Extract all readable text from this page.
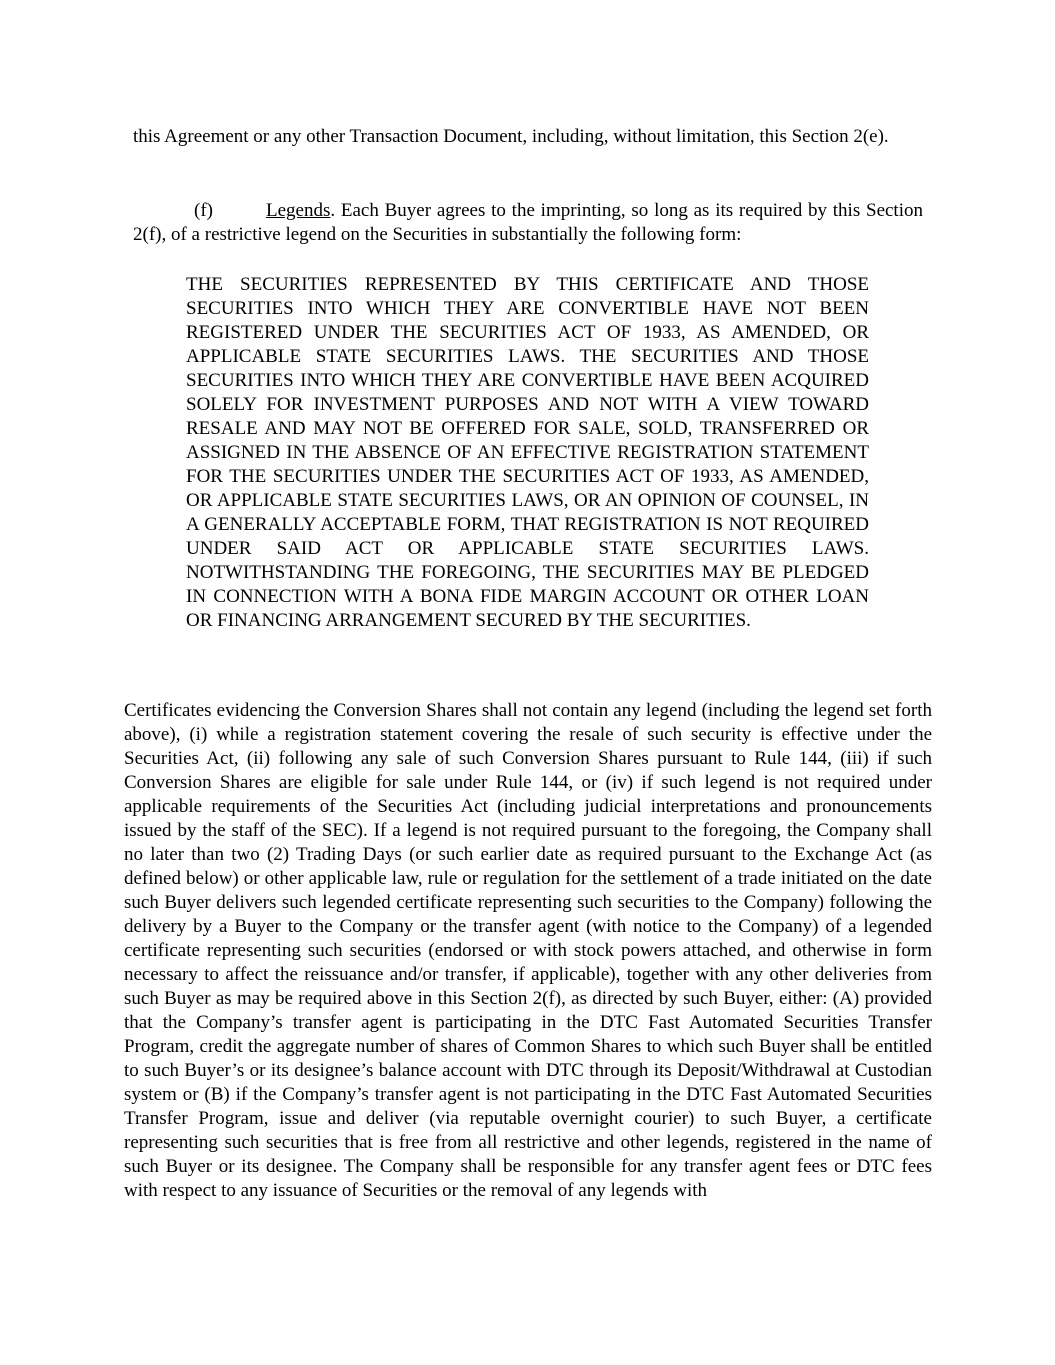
this Agreement or any other Transaction Document, including, without limitation, this Section 2(e).

(f)	Legends. Each Buyer agrees to the imprinting, so long as its required by this Section 2(f), of a restrictive legend on the Securities in substantially the following form:

THE SECURITIES REPRESENTED BY THIS CERTIFICATE AND THOSE SECURITIES INTO WHICH THEY ARE CONVERTIBLE HAVE NOT BEEN REGISTERED UNDER THE SECURITIES ACT OF 1933, AS AMENDED, OR APPLICABLE STATE SECURITIES LAWS. THE SECURITIES AND THOSE SECURITIES INTO WHICH THEY ARE CONVERTIBLE HAVE BEEN ACQUIRED SOLELY FOR INVESTMENT PURPOSES AND NOT WITH A VIEW TOWARD RESALE AND MAY NOT BE OFFERED FOR SALE, SOLD, TRANSFERRED OR ASSIGNED IN THE ABSENCE OF AN EFFECTIVE REGISTRATION STATEMENT FOR THE SECURITIES UNDER THE SECURITIES ACT OF 1933, AS AMENDED, OR APPLICABLE STATE SECURITIES LAWS, OR AN OPINION OF COUNSEL, IN A GENERALLY ACCEPTABLE FORM, THAT REGISTRATION IS NOT REQUIRED UNDER SAID ACT OR APPLICABLE STATE SECURITIES LAWS. NOTWITHSTANDING THE FOREGOING, THE SECURITIES MAY BE PLEDGED IN CONNECTION WITH A BONA FIDE MARGIN ACCOUNT OR OTHER LOAN OR FINANCING ARRANGEMENT SECURED BY THE SECURITIES.

Certificates evidencing the Conversion Shares shall not contain any legend (including the legend set forth above), (i) while a registration statement covering the resale of such security is effective under the Securities Act, (ii) following any sale of such Conversion Shares pursuant to Rule 144, (iii) if such Conversion Shares are eligible for sale under Rule 144, or (iv) if such legend is not required under applicable requirements of the Securities Act (including judicial interpretations and pronouncements issued by the staff of the SEC). If a legend is not required pursuant to the foregoing, the Company shall no later than two (2) Trading Days (or such earlier date as required pursuant to the Exchange Act (as defined below) or other applicable law, rule or regulation for the settlement of a trade initiated on the date such Buyer delivers such legended certificate representing such securities to the Company) following the delivery by a Buyer to the Company or the transfer agent (with notice to the Company) of a legended certificate representing such securities (endorsed or with stock powers attached, and otherwise in form necessary to affect the reissuance and/or transfer, if applicable), together with any other deliveries from such Buyer as may be required above in this Section 2(f), as directed by such Buyer, either: (A) provided that the Company’s transfer agent is participating in the DTC Fast Automated Securities Transfer Program, credit the aggregate number of shares of Common Shares to which such Buyer shall be entitled to such Buyer’s or its designee’s balance account with DTC through its Deposit/Withdrawal at Custodian system or (B) if the Company’s transfer agent is not participating in the DTC Fast Automated Securities Transfer Program, issue and deliver (via reputable overnight courier) to such Buyer, a certificate representing such securities that is free from all restrictive and other legends, registered in the name of such Buyer or its designee. The Company shall be responsible for any transfer agent fees or DTC fees with respect to any issuance of Securities or the removal of any legends with
